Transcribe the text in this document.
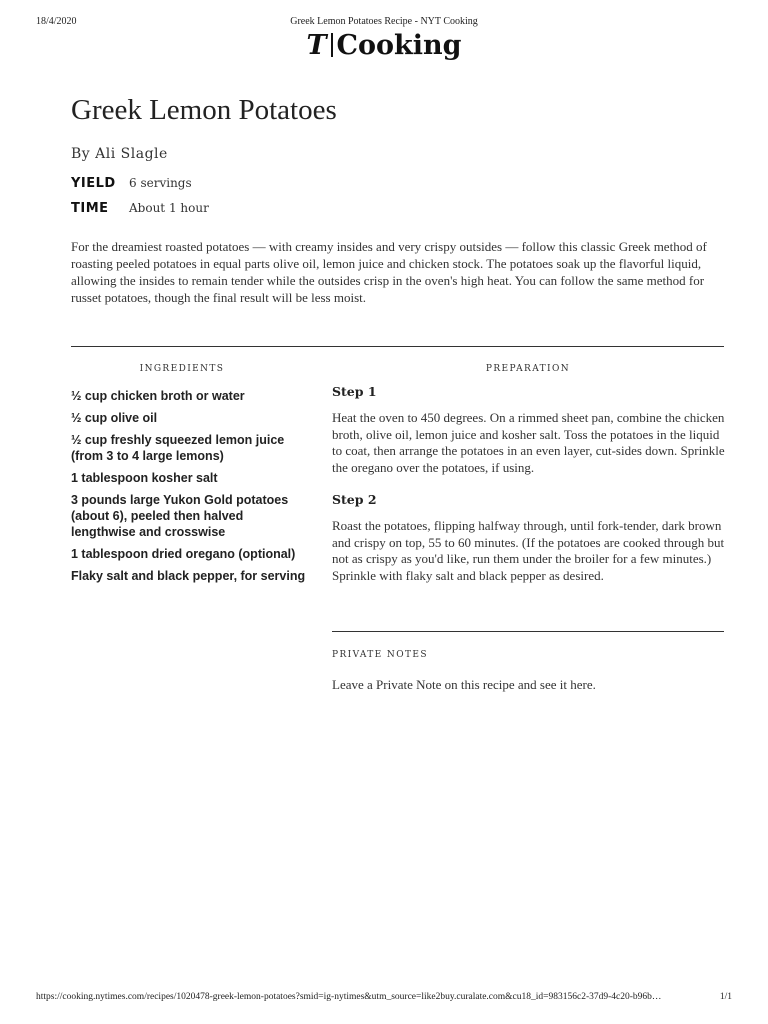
18/4/2020	Greek Lemon Potatoes Recipe - NYT Cooking
T Cooking
Greek Lemon Potatoes
By Ali Slagle
YIELD 6 servings
TIME About 1 hour

For the dreamiest roasted potatoes — with creamy insides and very crispy outsides — follow this classic Greek method of roasting peeled potatoes in equal parts olive oil, lemon juice and chicken stock. The potatoes soak up the flavorful liquid, allowing the insides to remain tender while the outsides crisp in the oven's high heat. You can follow the same method for russet potatoes, though the final result will be less moist.

INGREDIENTS	PREPARATION
½ cup chicken broth or water
½ cup olive oil
½ cup freshly squeezed lemon juice (from 3 to 4 large lemons)
1 tablespoon kosher salt
3 pounds large Yukon Gold potatoes (about 6), peeled then halved lengthwise and crosswise
1 tablespoon dried oregano (optional)
Flaky salt and black pepper, for serving
Step 1

Heat the oven to 450 degrees. On a rimmed sheet pan, combine the chicken broth, olive oil, lemon juice and kosher salt. Toss the potatoes in the liquid to coat, then arrange the potatoes in an even layer, cut-sides down. Sprinkle the oregano over the potatoes, if using.

Step 2

Roast the potatoes, flipping halfway through, until fork-tender, dark brown and crispy on top, 55 to 60 minutes. (If the potatoes are cooked through but not as crispy as you'd like, run them under the broiler for a few minutes.) Sprinkle with flaky salt and black pepper as desired.

PRIVATE NOTES
Leave a Private Note on this recipe and see it here.
https://cooking.nytimes.com/recipes/1020478-greek-lemon-potatoes?smid=ig-nytimes&utm_source=like2buy.curalate.com&cu18_id=983156c2-37d9-4c20-b96b…	1/1
